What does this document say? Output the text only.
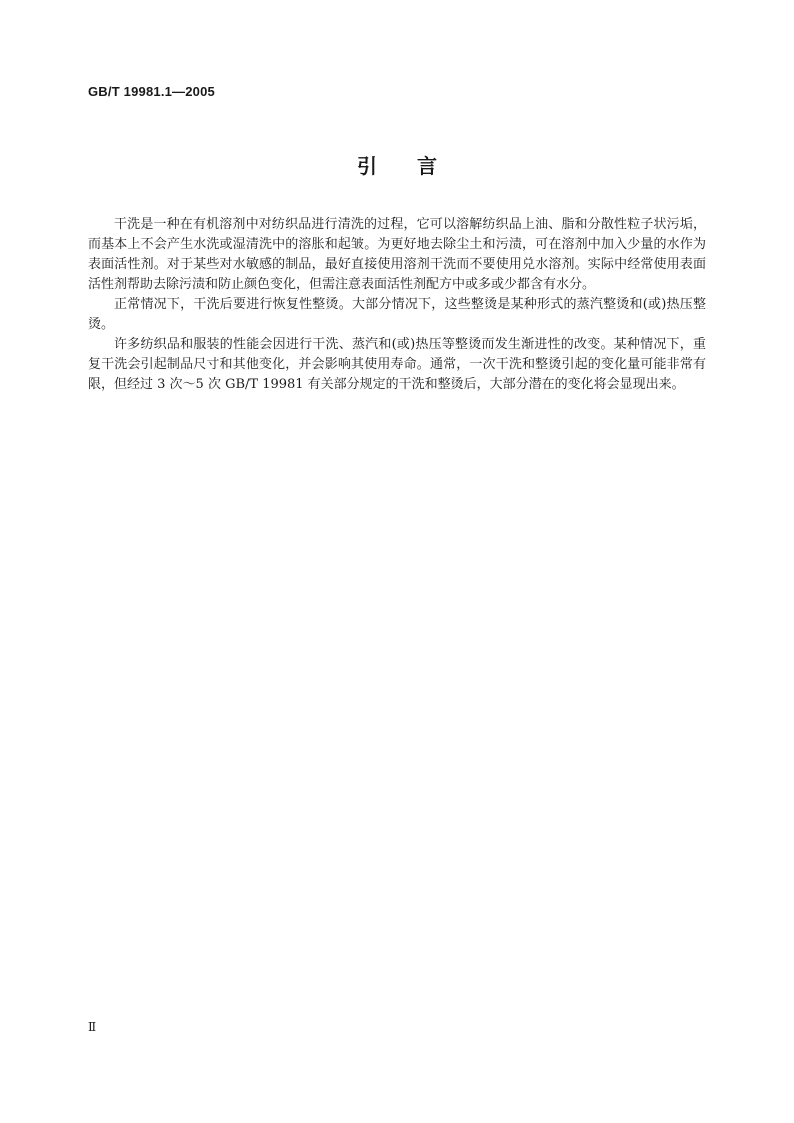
GB/T 19981.1—2005
引言

干洗是一种在有机溶剂中对纺织品进行清洗的过程，它可以溶解纺织品上油、脂和分散性粒子状污垢，而基本上不会产生水洗或湿清洗中的溶胀和起皱。为更好地去除尘土和污渍，可在溶剂中加入少量的水作为表面活性剂。对于某些对水敏感的制品，最好直接使用溶剂干洗而不要使用兑水溶剂。实际中经常使用表面活性剂帮助去除污渍和防止颜色变化，但需注意表面活性剂配方中或多或少都含有水分。

正常情况下，干洗后要进行恢复性整烫。大部分情况下，这些整烫是某种形式的蒸汽整烫和(或)热压整烫。

许多纺织品和服装的性能会因进行干洗、蒸汽和(或)热压等整烫而发生渐进性的改变。某种情况下，重复干洗会引起制品尺寸和其他变化，并会影响其使用寿命。通常，一次干洗和整烫引起的变化量可能非常有限，但经过 3 次～5 次 GB/T 19981 有关部分规定的干洗和整烫后，大部分潜在的变化将会显现出来。

Ⅱ
